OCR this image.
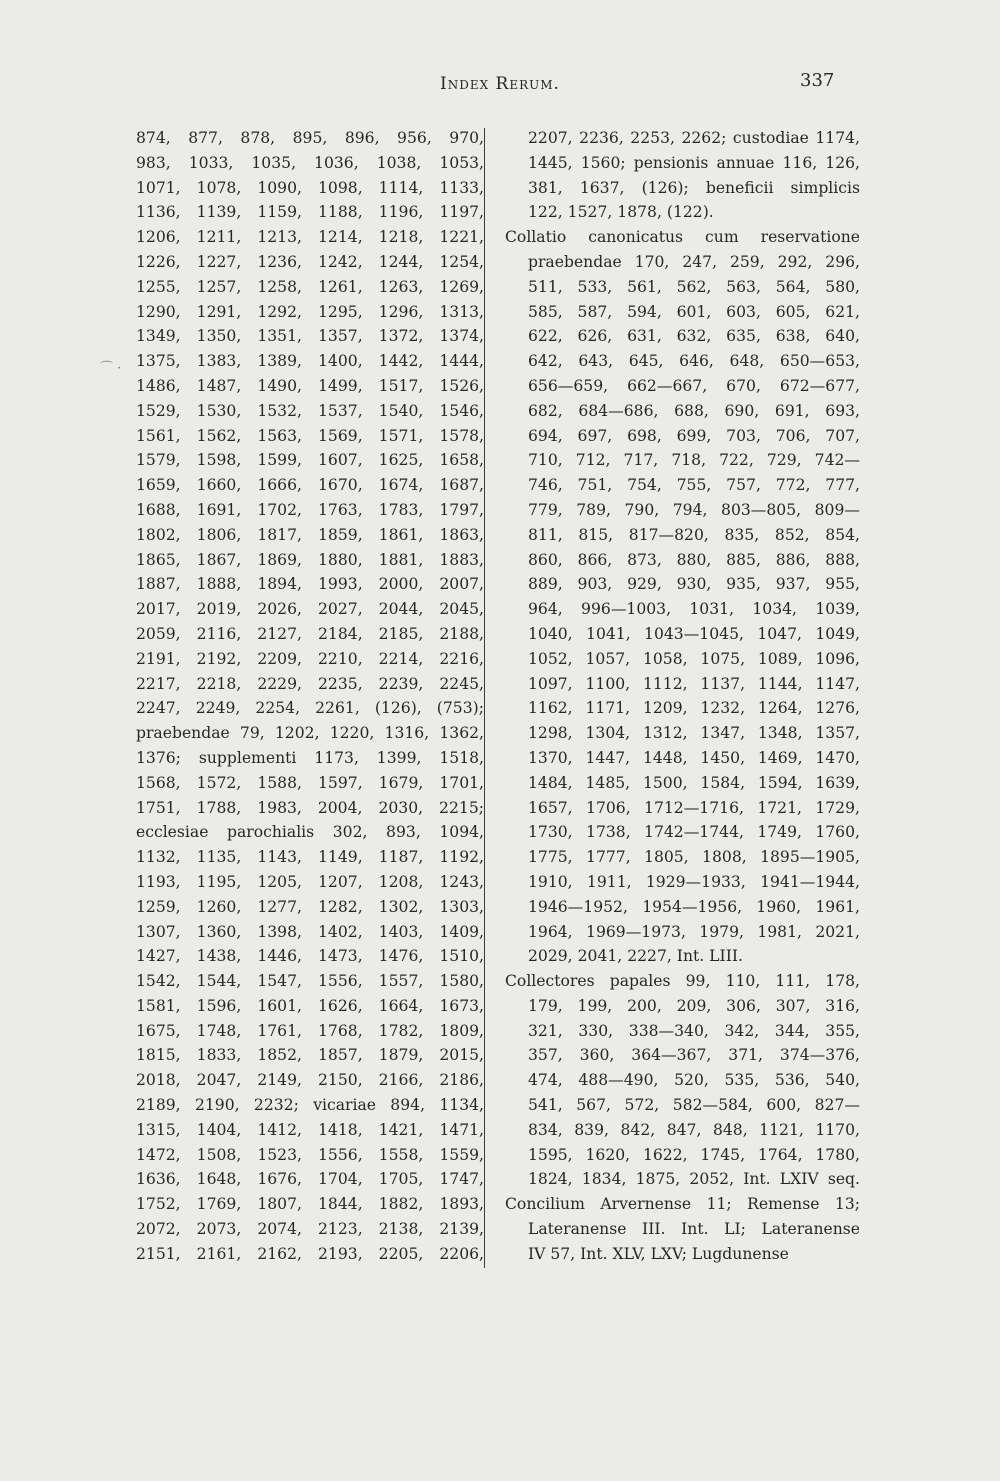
Index Rerum.	337
⌒ ·
874, 877, 878, 895, 896, 956, 970,
983, 1033, 1035, 1036, 1038, 1053,
1071, 1078, 1090, 1098, 1114, 1133,
1136, 1139, 1159, 1188, 1196, 1197,
1206, 1211, 1213, 1214, 1218, 1221,
1226, 1227, 1236, 1242, 1244, 1254,
1255, 1257, 1258, 1261, 1263, 1269,
1290, 1291, 1292, 1295, 1296, 1313,
1349, 1350, 1351, 1357, 1372, 1374,
1375, 1383, 1389, 1400, 1442, 1444,
1486, 1487, 1490, 1499, 1517, 1526,
1529, 1530, 1532, 1537, 1540, 1546,
1561, 1562, 1563, 1569, 1571, 1578,
1579, 1598, 1599, 1607, 1625, 1658,
1659, 1660, 1666, 1670, 1674, 1687,
1688, 1691, 1702, 1763, 1783, 1797,
1802, 1806, 1817, 1859, 1861, 1863,
1865, 1867, 1869, 1880, 1881, 1883,
1887, 1888, 1894, 1993, 2000, 2007,
2017, 2019, 2026, 2027, 2044, 2045,
2059, 2116, 2127, 2184, 2185, 2188,
2191, 2192, 2209, 2210, 2214, 2216,
2217, 2218, 2229, 2235, 2239, 2245,
2247, 2249, 2254, 2261, (126), (753);
praebendae 79, 1202, 1220, 1316, 1362,
1376; supplementi 1173, 1399, 1518,
1568, 1572, 1588, 1597, 1679, 1701,
1751, 1788, 1983, 2004, 2030, 2215;
ecclesiae parochialis 302, 893, 1094,
1132, 1135, 1143, 1149, 1187, 1192,
1193, 1195, 1205, 1207, 1208, 1243,
1259, 1260, 1277, 1282, 1302, 1303,
1307, 1360, 1398, 1402, 1403, 1409,
1427, 1438, 1446, 1473, 1476, 1510,
1542, 1544, 1547, 1556, 1557, 1580,
1581, 1596, 1601, 1626, 1664, 1673,
1675, 1748, 1761, 1768, 1782, 1809,
1815, 1833, 1852, 1857, 1879, 2015,
2018, 2047, 2149, 2150, 2166, 2186,
2189, 2190, 2232; vicariae 894, 1134,
1315, 1404, 1412, 1418, 1421, 1471,
1472, 1508, 1523, 1556, 1558, 1559,
1636, 1648, 1676, 1704, 1705, 1747,
1752, 1769, 1807, 1844, 1882, 1893,
2072, 2073, 2074, 2123, 2138, 2139,
2151, 2161, 2162, 2193, 2205, 2206,
2207, 2236, 2253, 2262; custodiae 1174,
1445, 1560; pensionis annuae 116, 126,
381, 1637, (126); beneficii simplicis
122, 1527, 1878, (122).
Collatio canonicatus cum reservatione
praebendae 170, 247, 259, 292, 296,
511, 533, 561, 562, 563, 564, 580,
585, 587, 594, 601, 603, 605, 621,
622, 626, 631, 632, 635, 638, 640,
642, 643, 645, 646, 648, 650—653,
656—659, 662—667, 670, 672—677,
682, 684—686, 688, 690, 691, 693,
694, 697, 698, 699, 703, 706, 707,
710, 712, 717, 718, 722, 729, 742—
746, 751, 754, 755, 757, 772, 777,
779, 789, 790, 794, 803—805, 809—
811, 815, 817—820, 835, 852, 854,
860, 866, 873, 880, 885, 886, 888,
889, 903, 929, 930, 935, 937, 955,
964, 996—1003, 1031, 1034, 1039,
1040, 1041, 1043—1045, 1047, 1049,
1052, 1057, 1058, 1075, 1089, 1096,
1097, 1100, 1112, 1137, 1144, 1147,
1162, 1171, 1209, 1232, 1264, 1276,
1298, 1304, 1312, 1347, 1348, 1357,
1370, 1447, 1448, 1450, 1469, 1470,
1484, 1485, 1500, 1584, 1594, 1639,
1657, 1706, 1712—1716, 1721, 1729,
1730, 1738, 1742—1744, 1749, 1760,
1775, 1777, 1805, 1808, 1895—1905,
1910, 1911, 1929—1933, 1941—1944,
1946—1952, 1954—1956, 1960, 1961,
1964, 1969—1973, 1979, 1981, 2021,
2029, 2041, 2227, Int. LIII.
Collectores papales 99, 110, 111, 178,
179, 199, 200, 209, 306, 307, 316,
321, 330, 338—340, 342, 344, 355,
357, 360, 364—367, 371, 374—376,
474, 488—490, 520, 535, 536, 540,
541, 567, 572, 582—584, 600, 827—
834, 839, 842, 847, 848, 1121, 1170,
1595, 1620, 1622, 1745, 1764, 1780,
1824, 1834, 1875, 2052, Int. LXIV seq.
Concilium Arvernense 11; Remense 13;
Lateranense III. Int. LI; Lateranense
IV 57, Int. XLV, LXV; Lugdunense
